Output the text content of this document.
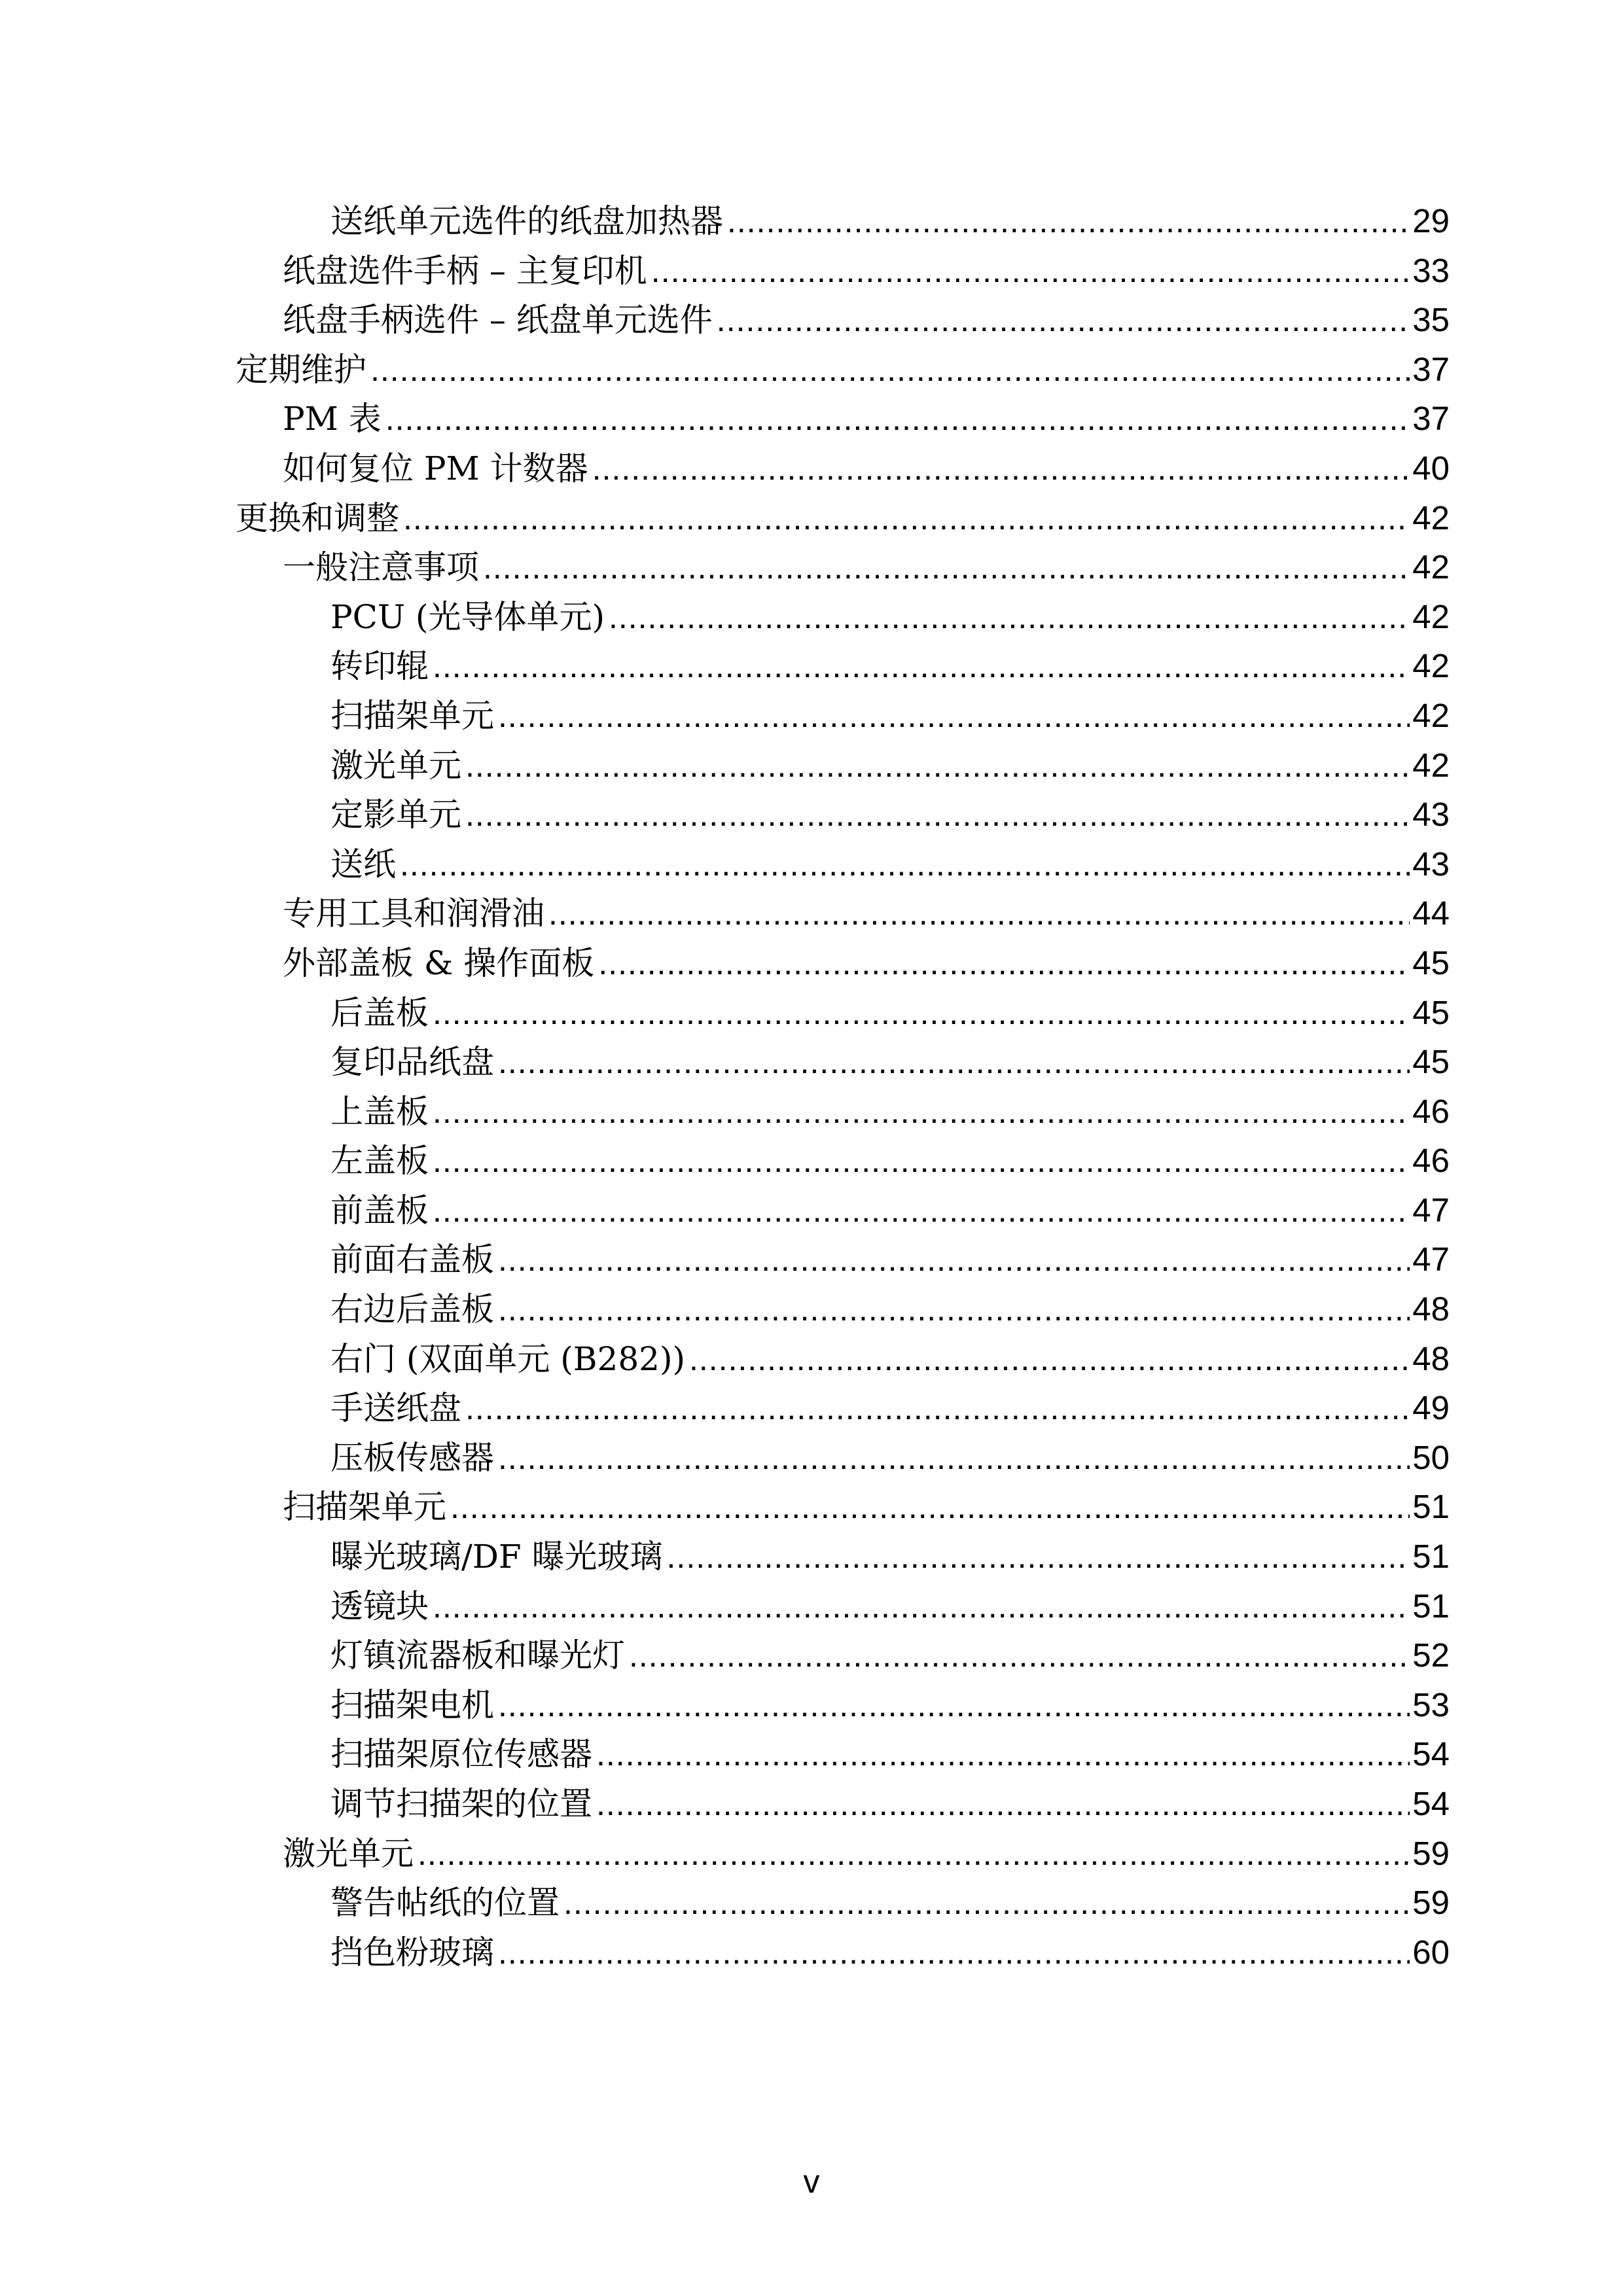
送纸单元选件的纸盘加热器 .....	29
纸盘选件手柄 – 主复印机 .....	33
纸盘手柄选件 – 纸盘单元选件 .....	35
定期维护 .....	37
PM 表 .....	37
如何复位 PM 计数器 .....	40
更换和调整 .....	42
一般注意事项 .....	42
PCU (光导体单元) .....	42
转印辊 .....	42
扫描架单元 .....	42
激光单元 .....	42
定影单元 .....	43
送纸 .....	43
专用工具和润滑油 .....	44
外部盖板 & 操作面板 .....	45
后盖板 .....	45
复印品纸盘 .....	45
上盖板 .....	46
左盖板 .....	46
前盖板 .....	47
前面右盖板 .....	47
右边后盖板 .....	48
右门 (双面单元 (B282)) .....	48
手送纸盘 .....	49
压板传感器 .....	50
扫描架单元 .....	51
曝光玻璃/DF 曝光玻璃 .....	51
透镜块 .....	51
灯镇流器板和曝光灯 .....	52
扫描架电机 .....	53
扫描架原位传感器 .....	54
调节扫描架的位置 .....	54
激光单元 .....	59
警告帖纸的位置 .....	59
挡色粉玻璃 .....	60
v
